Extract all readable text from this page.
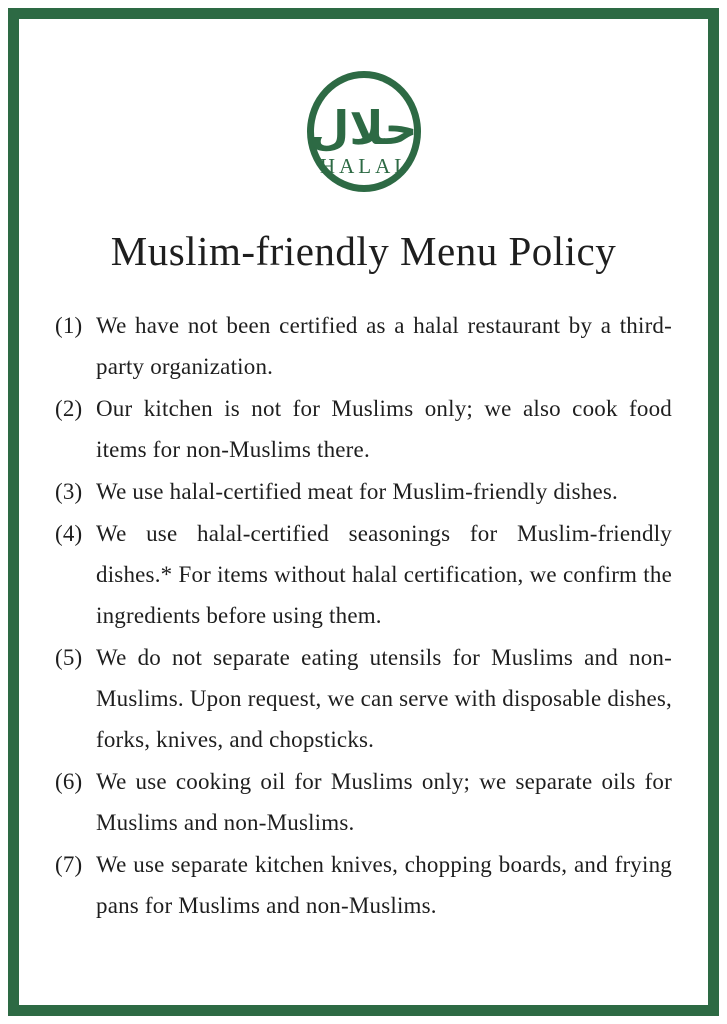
حلال
HALAL
Muslim-friendly Menu Policy
(1) We have not been certified as a halal restaurant by a third-party organization.
(2) Our kitchen is not for Muslims only; we also cook food items for non-Muslims there.
(3) We use halal-certified meat for Muslim-friendly dishes.
(4) We use halal-certified seasonings for Muslim-friendly dishes.* For items without halal certification, we confirm the ingredients before using them.
(5) We do not separate eating utensils for Muslims and non-Muslims. Upon request, we can serve with disposable dishes, forks, knives, and chopsticks.
(6) We use cooking oil for Muslims only; we separate oils for Muslims and non-Muslims.
(7) We use separate kitchen knives, chopping boards, and frying pans for Muslims and non-Muslims.
